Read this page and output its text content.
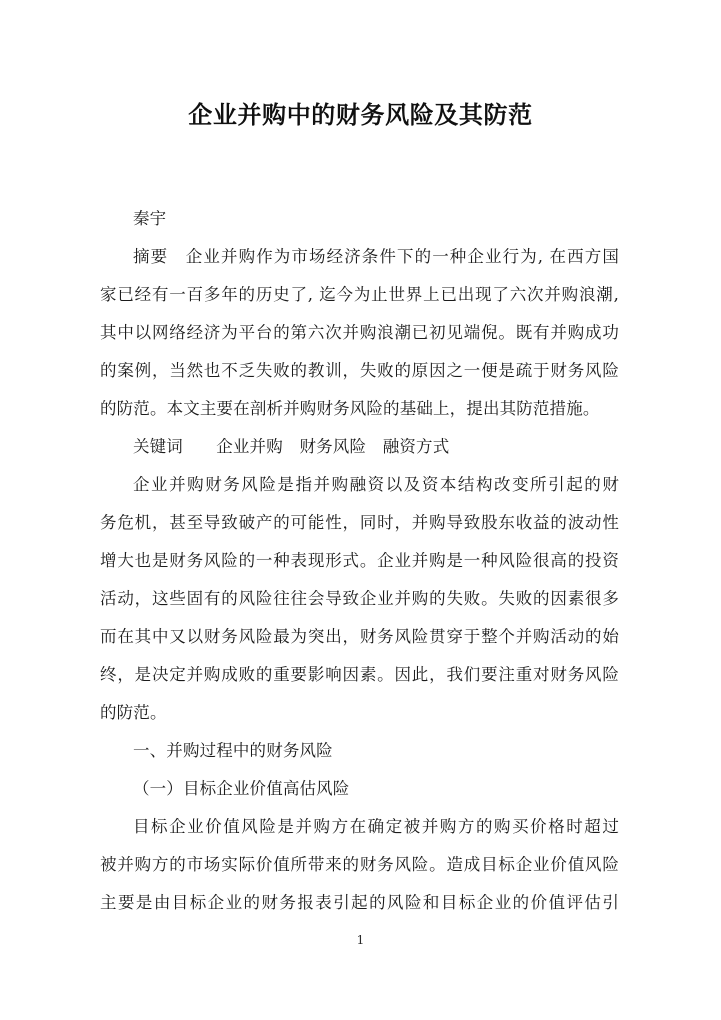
企业并购中的财务风险及其防范
秦宇
摘要　企业并购作为市场经济条件下的一种企业行为, 在西方国
家已经有一百多年的历史了, 迄今为止世界上已出现了六次并购浪潮,
其中以网络经济为平台的第六次并购浪潮已初见端倪。既有并购成功
的案例，当然也不乏失败的教训，失败的原因之一便是疏于财务风险
的防范。本文主要在剖析并购财务风险的基础上，提出其防范措施。
关键词　　企业并购　财务风险　融资方式
企业并购财务风险是指并购融资以及资本结构改变所引起的财
务危机，甚至导致破产的可能性，同时，并购导致股东收益的波动性
增大也是财务风险的一种表现形式。企业并购是一种风险很高的投资
活动，这些固有的风险往往会导致企业并购的失败。失败的因素很多
而在其中又以财务风险最为突出，财务风险贯穿于整个并购活动的始
终，是决定并购成败的重要影响因素。因此，我们要注重对财务风险
的防范。
一、并购过程中的财务风险
（一）目标企业价值高估风险
目标企业价值风险是并购方在确定被并购方的购买价格时超过
被并购方的市场实际价值所带来的财务风险。造成目标企业价值风险
主要是由目标企业的财务报表引起的风险和目标企业的价值评估引
1
